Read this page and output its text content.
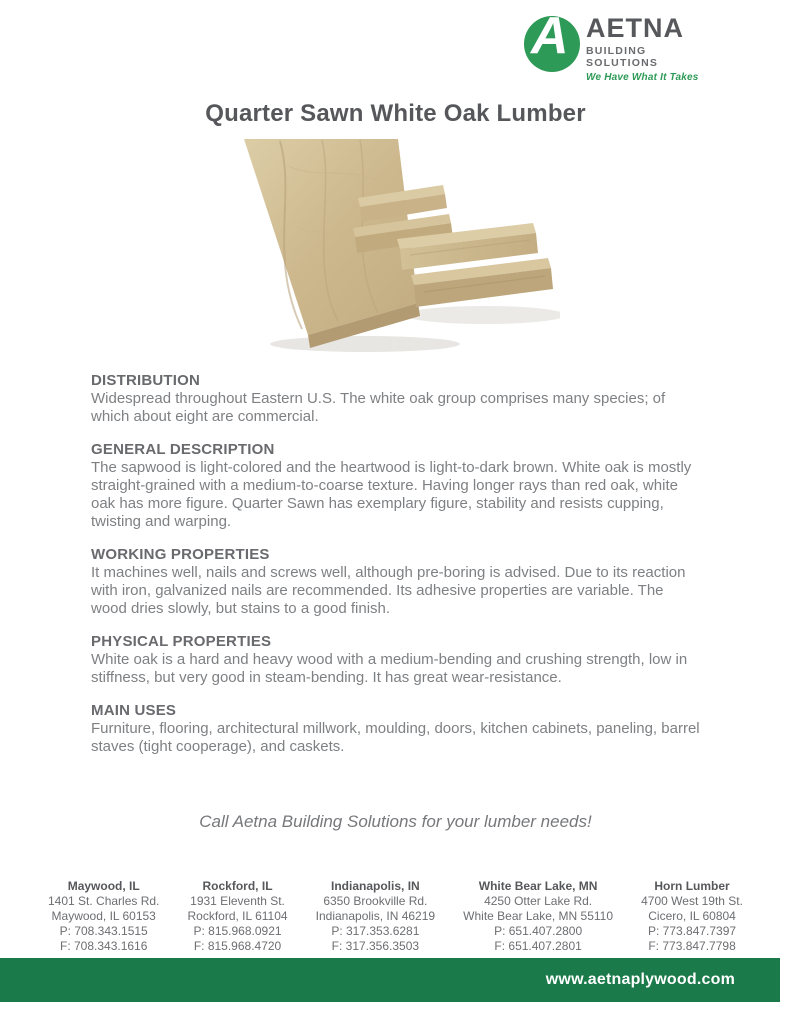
A AETNA
BUILDING SOLUTIONS
We Have What It Takes
Quarter Sawn White Oak Lumber
DISTRIBUTION

Widespread throughout Eastern U.S. The white oak group comprises many species; of which about eight are commercial.

GENERAL DESCRIPTION

The sapwood is light-colored and the heartwood is light-to-dark brown. White oak is mostly straight-grained with a medium-to-coarse texture. Having longer rays than red oak, white oak has more figure. Quarter Sawn has exemplary figure, stability and resists cupping, twisting and warping.

WORKING PROPERTIES

It machines well, nails and screws well, although pre-boring is advised. Due to its reaction with iron, galvanized nails are recommended. Its adhesive properties are variable. The wood dries slowly, but stains to a good finish.

PHYSICAL PROPERTIES

White oak is a hard and heavy wood with a medium-bending and crushing strength, low in stiffness, but very good in steam-bending. It has great wear-resistance.

MAIN USES

Furniture, flooring, architectural millwork, moulding, doors, kitchen cabinets, paneling, barrel staves (tight cooperage), and caskets.

Call Aetna Building Solutions for your lumber needs!
Maywood, IL
1401 St. Charles Rd.
Maywood, IL 60153
P: 708.343.1515
F: 708.343.1616
Rockford, IL
1931 Eleventh St.
Rockford, IL 61104
P: 815.968.0921
F: 815.968.4720
Indianapolis, IN
6350 Brookville Rd.
Indianapolis, IN 46219
P: 317.353.6281
F: 317.356.3503
White Bear Lake, MN
4250 Otter Lake Rd.
White Bear Lake, MN 55110
P: 651.407.2800
F: 651.407.2801
Horn Lumber
4700 West 19th St.
Cicero, IL 60804
P: 773.847.7397
F: 773.847.7798
www.aetnaplywood.com
